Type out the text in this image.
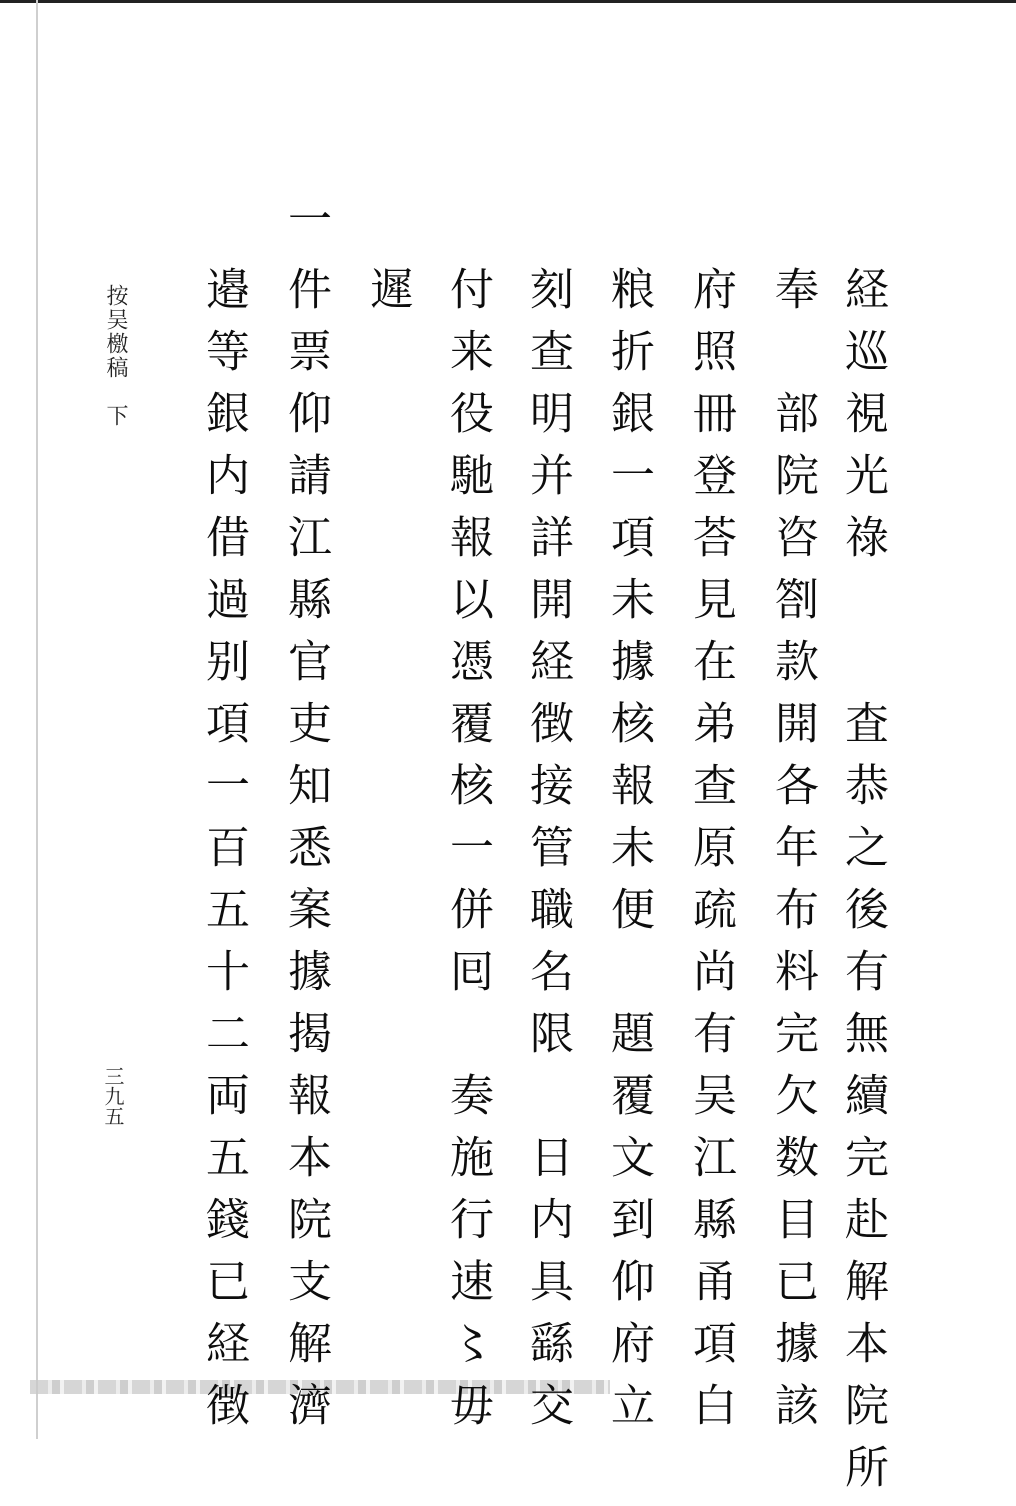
按吴檄稿　下
三九五	経巡視光祿　　査恭之後有無續完赴解本院所
奉　部院咨劄款開各年布料完欠数目已據該
府照冊登荅見在弟查原疏尚有吴江縣甬項白
粮折銀一項未據核報未便　題覆文到仰府立
刻查明并詳開経徴接管職名限　日内具繇交
付来役馳報以憑覆核一併囘　奏施行速〻毋
遲
一
件票仰請江縣官吏知悉案據揭報本院支解濟
邉等銀内借過别項一百五十二両五錢已経徴
